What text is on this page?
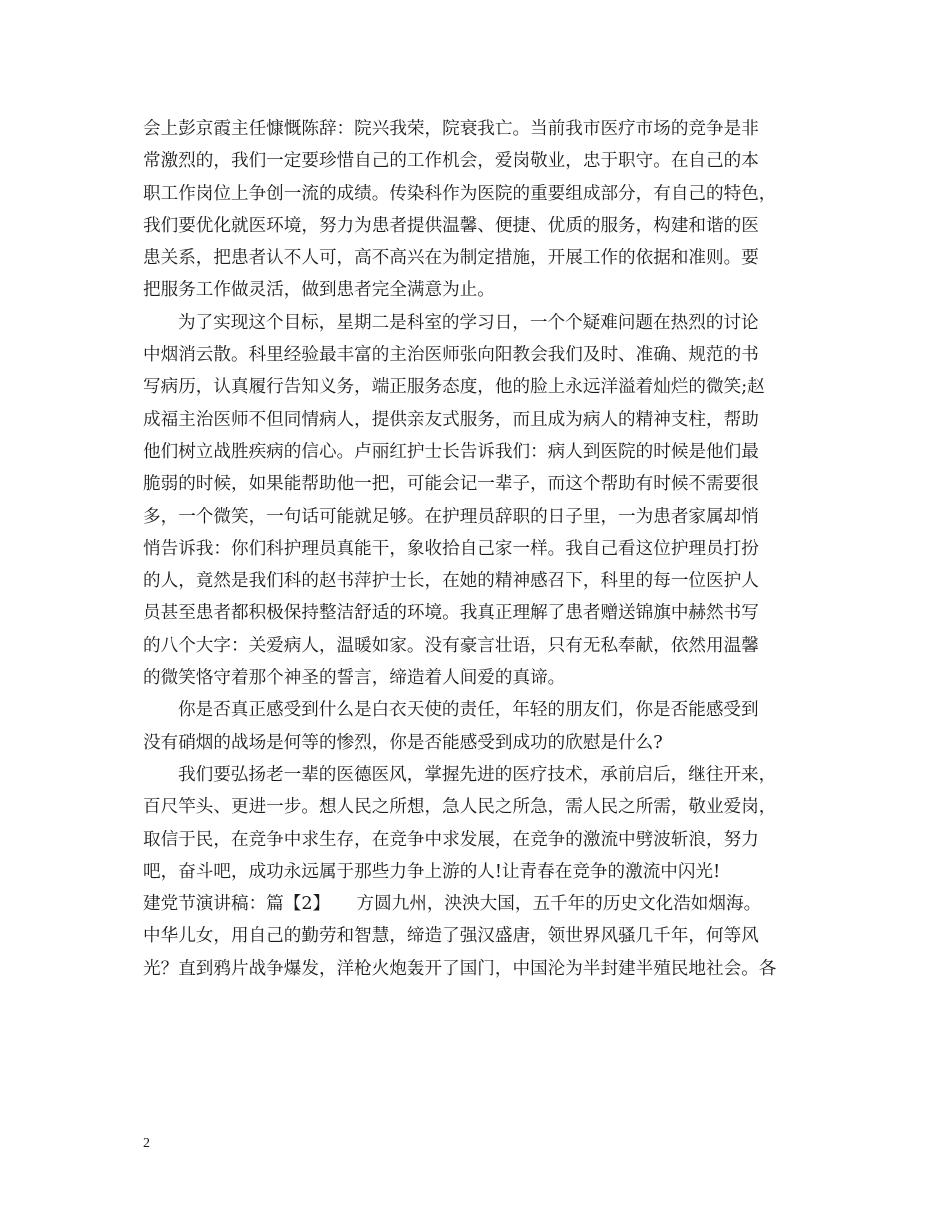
会上彭京霞主任慷慨陈辞：院兴我荣，院衰我亡。当前我市医疗市场的竞争是非
常激烈的，我们一定要珍惜自己的工作机会，爱岗敬业，忠于职守。在自己的本
职工作岗位上争创一流的成绩。传染科作为医院的重要组成部分，有自己的特色，
我们要优化就医环境，努力为患者提供温馨、便捷、优质的服务，构建和谐的医
患关系，把患者认不人可，高不高兴在为制定措施，开展工作的依据和准则。要
把服务工作做灵活，做到患者完全满意为止。
为了实现这个目标，星期二是科室的学习日，一个个疑难问题在热烈的讨论
中烟消云散。科里经验最丰富的主治医师张向阳教会我们及时、准确、规范的书
写病历，认真履行告知义务，端正服务态度，他的脸上永远洋溢着灿烂的微笑;赵
成福主治医师不但同情病人，提供亲友式服务，而且成为病人的精神支柱，帮助
他们树立战胜疾病的信心。卢丽红护士长告诉我们：病人到医院的时候是他们最
脆弱的时候，如果能帮助他一把，可能会记一辈子，而这个帮助有时候不需要很
多，一个微笑，一句话可能就足够。在护理员辞职的日子里，一为患者家属却悄
悄告诉我：你们科护理员真能干，象收拾自己家一样。我自己看这位护理员打扮
的人，竟然是我们科的赵书萍护士长，在她的精神感召下，科里的每一位医护人
员甚至患者都积极保持整洁舒适的环境。我真正理解了患者赠送锦旗中赫然书写
的八个大字：关爱病人，温暖如家。没有豪言壮语，只有无私奉献，依然用温馨
的微笑恪守着那个神圣的誓言，缔造着人间爱的真谛。
你是否真正感受到什么是白衣天使的责任，年轻的朋友们，你是否能感受到
没有硝烟的战场是何等的惨烈，你是否能感受到成功的欣慰是什么?
我们要弘扬老一辈的医德医风，掌握先进的医疗技术，承前启后，继往开来，
百尺竿头、更进一步。想人民之所想，急人民之所急，需人民之所需，敬业爱岗，
取信于民，在竞争中求生存，在竞争中求发展，在竞争的激流中劈波斩浪，努力
吧，奋斗吧，成功永远属于那些力争上游的人!让青春在竞争的激流中闪光!
建党节演讲稿：篇【2】　　方圆九州，泱泱大国，五千年的历史文化浩如烟海。
中华儿女，用自己的勤劳和智慧，缔造了强汉盛唐，领世界风骚几千年，何等风
光？直到鸦片战争爆发，洋枪火炮轰开了国门，中国沦为半封建半殖民地社会。各
2
